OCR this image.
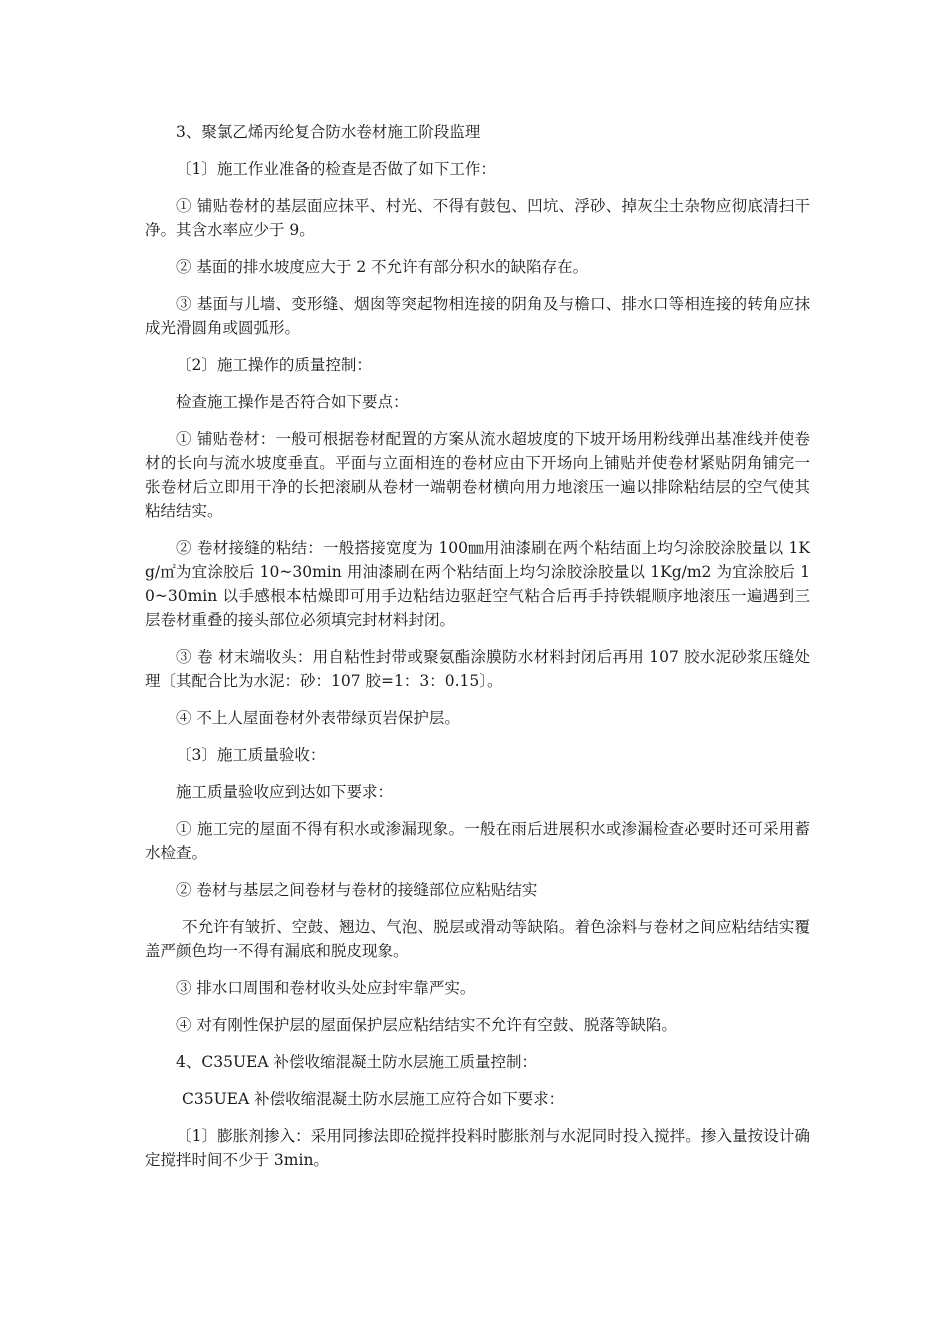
3、聚氯乙烯丙纶复合防水卷材施工阶段监理

〔1〕施工作业准备的检查是否做了如下工作：

① 铺贴卷材的基层面应抹平、村光、不得有鼓包、凹坑、浮砂、掉灰尘土杂物应彻底清扫干净。其含水率应少于 9。

② 基面的排水坡度应大于 2 不允许有部分积水的缺陷存在。

③ 基面与儿墙、变形缝、烟囱等突起物相连接的阴角及与檐口、排水口等相连接的转角应抹成光滑圆角或圆弧形。

〔2〕施工操作的质量控制：

检查施工操作是否符合如下要点：

① 铺贴卷材：一般可根据卷材配置的方案从流水超坡度的下坡开场用粉线弹出基准线并使卷材的长向与流水坡度垂直。平面与立面相连的卷材应由下开场向上铺贴并使卷材紧贴阴角铺完一张卷材后立即用干净的长把滚刷从卷材一端朝卷材横向用力地滚压一遍以排除粘结层的空气使其粘结结实。

② 卷材接缝的粘结：一般搭接宽度为 100㎜用油漆刷在两个粘结面上均匀涂胶涂胶量以 1Kg/㎡为宜涂胶后 10~30min 用油漆刷在两个粘结面上均匀涂胶涂胶量以 1Kg/m2 为宜涂胶后 10~30min 以手感根本枯燥即可用手边粘结边驱赶空气粘合后再手持铁辊顺序地滚压一遍遇到三层卷材重叠的接头部位必须填完封材料封闭。

③ 卷 材末端收头：用自粘性封带或聚氨酯涂膜防水材料封闭后再用 107 胶水泥砂浆压缝处理〔其配合比为水泥：砂：107 胶=1：3：0.15〕。

④ 不上人屋面卷材外表带绿页岩保护层。

〔3〕施工质量验收：

施工质量验收应到达如下要求：

① 施工完的屋面不得有积水或渗漏现象。一般在雨后进展积水或渗漏检查必要时还可采用蓄水检查。

② 卷材与基层之间卷材与卷材的接缝部位应粘贴结实

不允许有皱折、空鼓、翘边、气泡、脱层或滑动等缺陷。着色涂料与卷材之间应粘结结实覆盖严颜色均一不得有漏底和脱皮现象。

③ 排水口周围和卷材收头处应封牢靠严实。

④ 对有刚性保护层的屋面保护层应粘结结实不允许有空鼓、脱落等缺陷。

4、C35UEA 补偿收缩混凝土防水层施工质量控制：

C35UEA 补偿收缩混凝土防水层施工应符合如下要求：

〔1〕膨胀剂掺入：采用同掺法即砼搅拌投料时膨胀剂与水泥同时投入搅拌。掺入量按设计确定搅拌时间不少于 3min。
